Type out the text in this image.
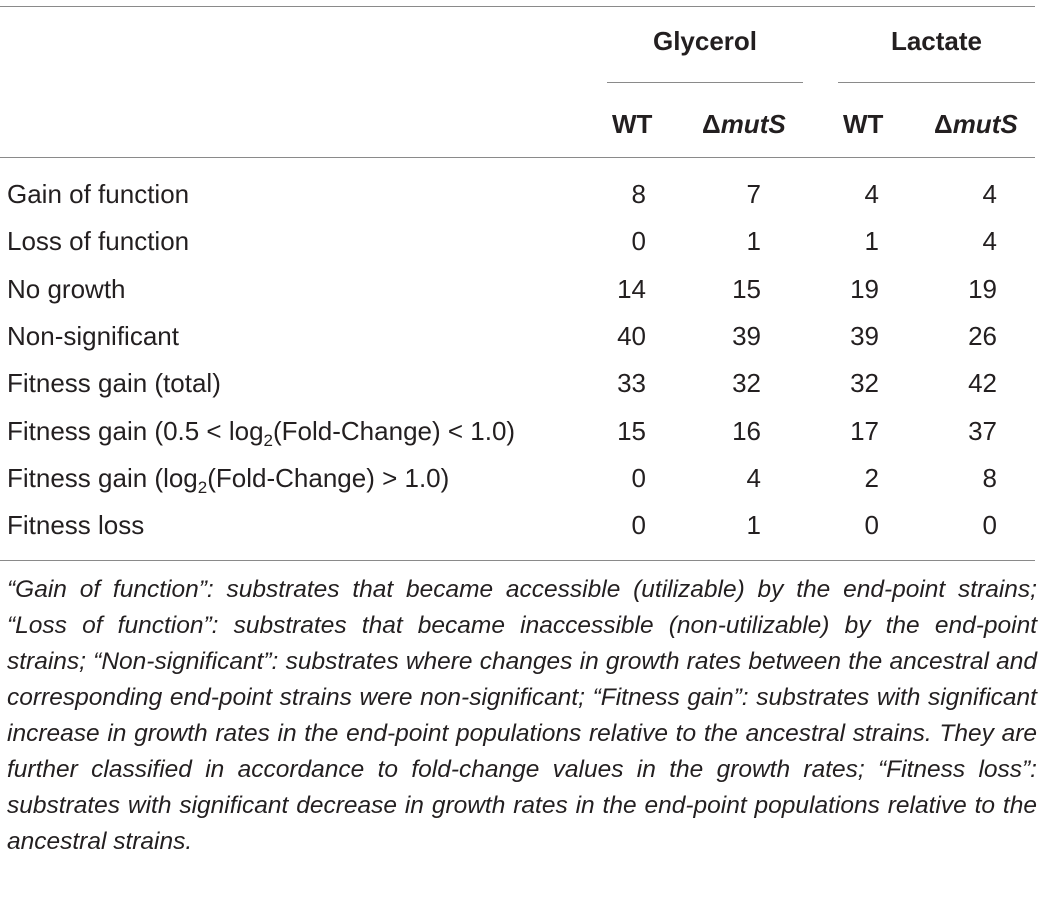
Glycerol	Lactate
WT ΔmutS WT ΔmutS
Gain of function	8	7	4	4
Loss of function	0	1	1	4
No growth	14	15	19	19
Non-significant	40	39	39	26
Fitness gain (total)	33	32	32	42
Fitness gain $(0.5 < \log_2(Fold-Change) < 1.0)$	15	16	17	37
Fitness gain $(\log_2(Fold-Change) > 1.0)$	0	4	2	8
Fitness loss	0	1	0	0
“Gain of function”: substrates that became accessible (utilizable) by the end-point strains; “Loss of function”: substrates that became inaccessible (non-utilizable) by the end-point strains; “Non-significant”: substrates where changes in growth rates between the ancestral and corresponding end-point strains were non-significant; “Fitness gain”: substrates with significant increase in growth rates in the end-point populations relative to the ancestral strains. They are further classified in accordance to fold-change values in the growth rates; “Fitness loss”: substrates with significant decrease in growth rates in the end-point populations relative to the ancestral strains.
